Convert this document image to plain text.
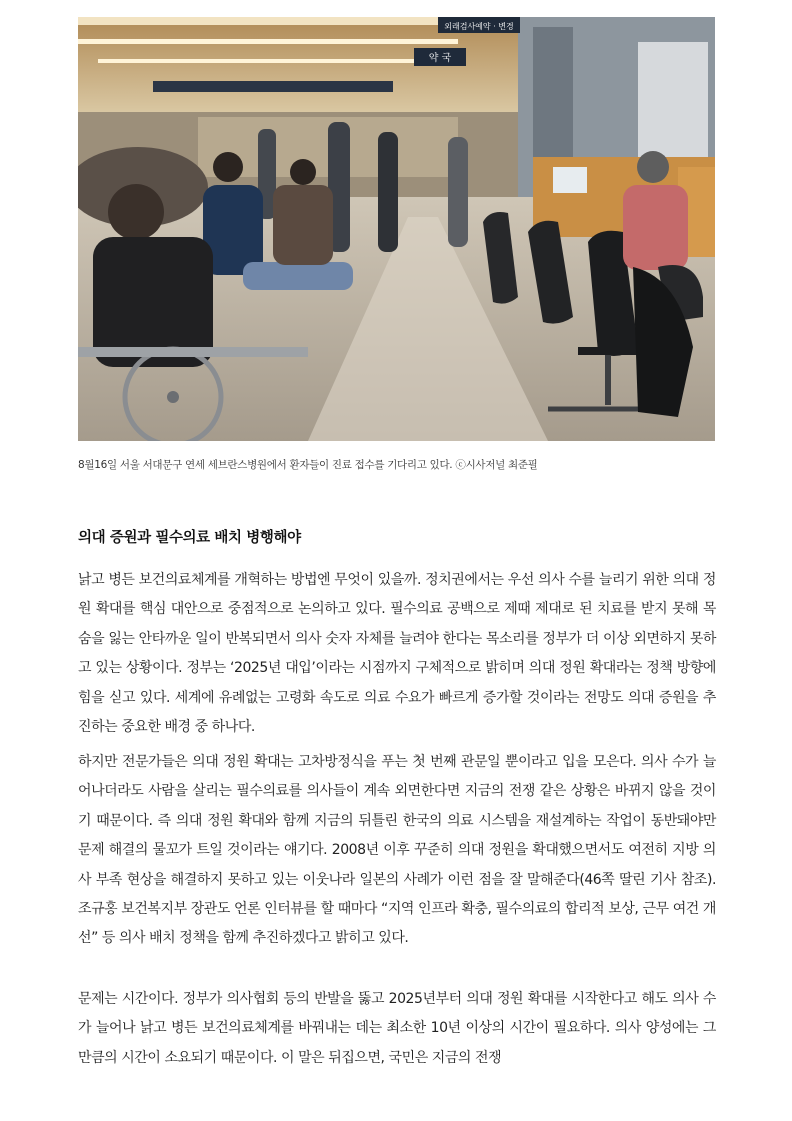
외래검사예약 · 변경
약 국
8월16일 서울 서대문구 연세 세브란스병원에서 환자들이 진료 접수를 기다리고 있다. ⓒ시사저널 최준필
의대 증원과 필수의료 배치 병행해야

낡고 병든 보건의료체계를 개혁하는 방법엔 무엇이 있을까. 정치권에서는 우선 의사 수를 늘리기 위한 의대 정원 확대를 핵심 대안으로 중점적으로 논의하고 있다. 필수의료 공백으로 제때 제대로 된 치료를 받지 못해 목숨을 잃는 안타까운 일이 반복되면서 의사 숫자 자체를 늘려야 한다는 목소리를 정부가 더 이상 외면하지 못하고 있는 상황이다. 정부는 ‘2025년 대입’이라는 시점까지 구체적으로 밝히며 의대 정원 확대라는 정책 방향에 힘을 싣고 있다. 세계에 유례없는 고령화 속도로 의료 수요가 빠르게 증가할 것이라는 전망도 의대 증원을 추진하는 중요한 배경 중 하나다.

하지만 전문가들은 의대 정원 확대는 고차방정식을 푸는 첫 번째 관문일 뿐이라고 입을 모은다. 의사 수가 늘어나더라도 사람을 살리는 필수의료를 의사들이 계속 외면한다면 지금의 전쟁 같은 상황은 바뀌지 않을 것이기 때문이다. 즉 의대 정원 확대와 함께 지금의 뒤틀린 한국의 의료 시스템을 재설계하는 작업이 동반돼야만 문제 해결의 물꼬가 트일 것이라는 얘기다. 2008년 이후 꾸준히 의대 정원을 확대했으면서도 여전히 지방 의사 부족 현상을 해결하지 못하고 있는 이웃나라 일본의 사례가 이런 점을 잘 말해준다(46쪽 딸린 기사 참조). 조규홍 보건복지부 장관도 언론 인터뷰를 할 때마다 “지역 인프라 확충, 필수의료의 합리적 보상, 근무 여건 개선” 등 의사 배치 정책을 함께 추진하겠다고 밝히고 있다.

문제는 시간이다. 정부가 의사협회 등의 반발을 뚫고 2025년부터 의대 정원 확대를 시작한다고 해도 의사 수가 늘어나 낡고 병든 보건의료체계를 바꿔내는 데는 최소한 10년 이상의 시간이 필요하다. 의사 양성에는 그만큼의 시간이 소요되기 때문이다. 이 말은 뒤집으면, 국민은 지금의 전쟁
